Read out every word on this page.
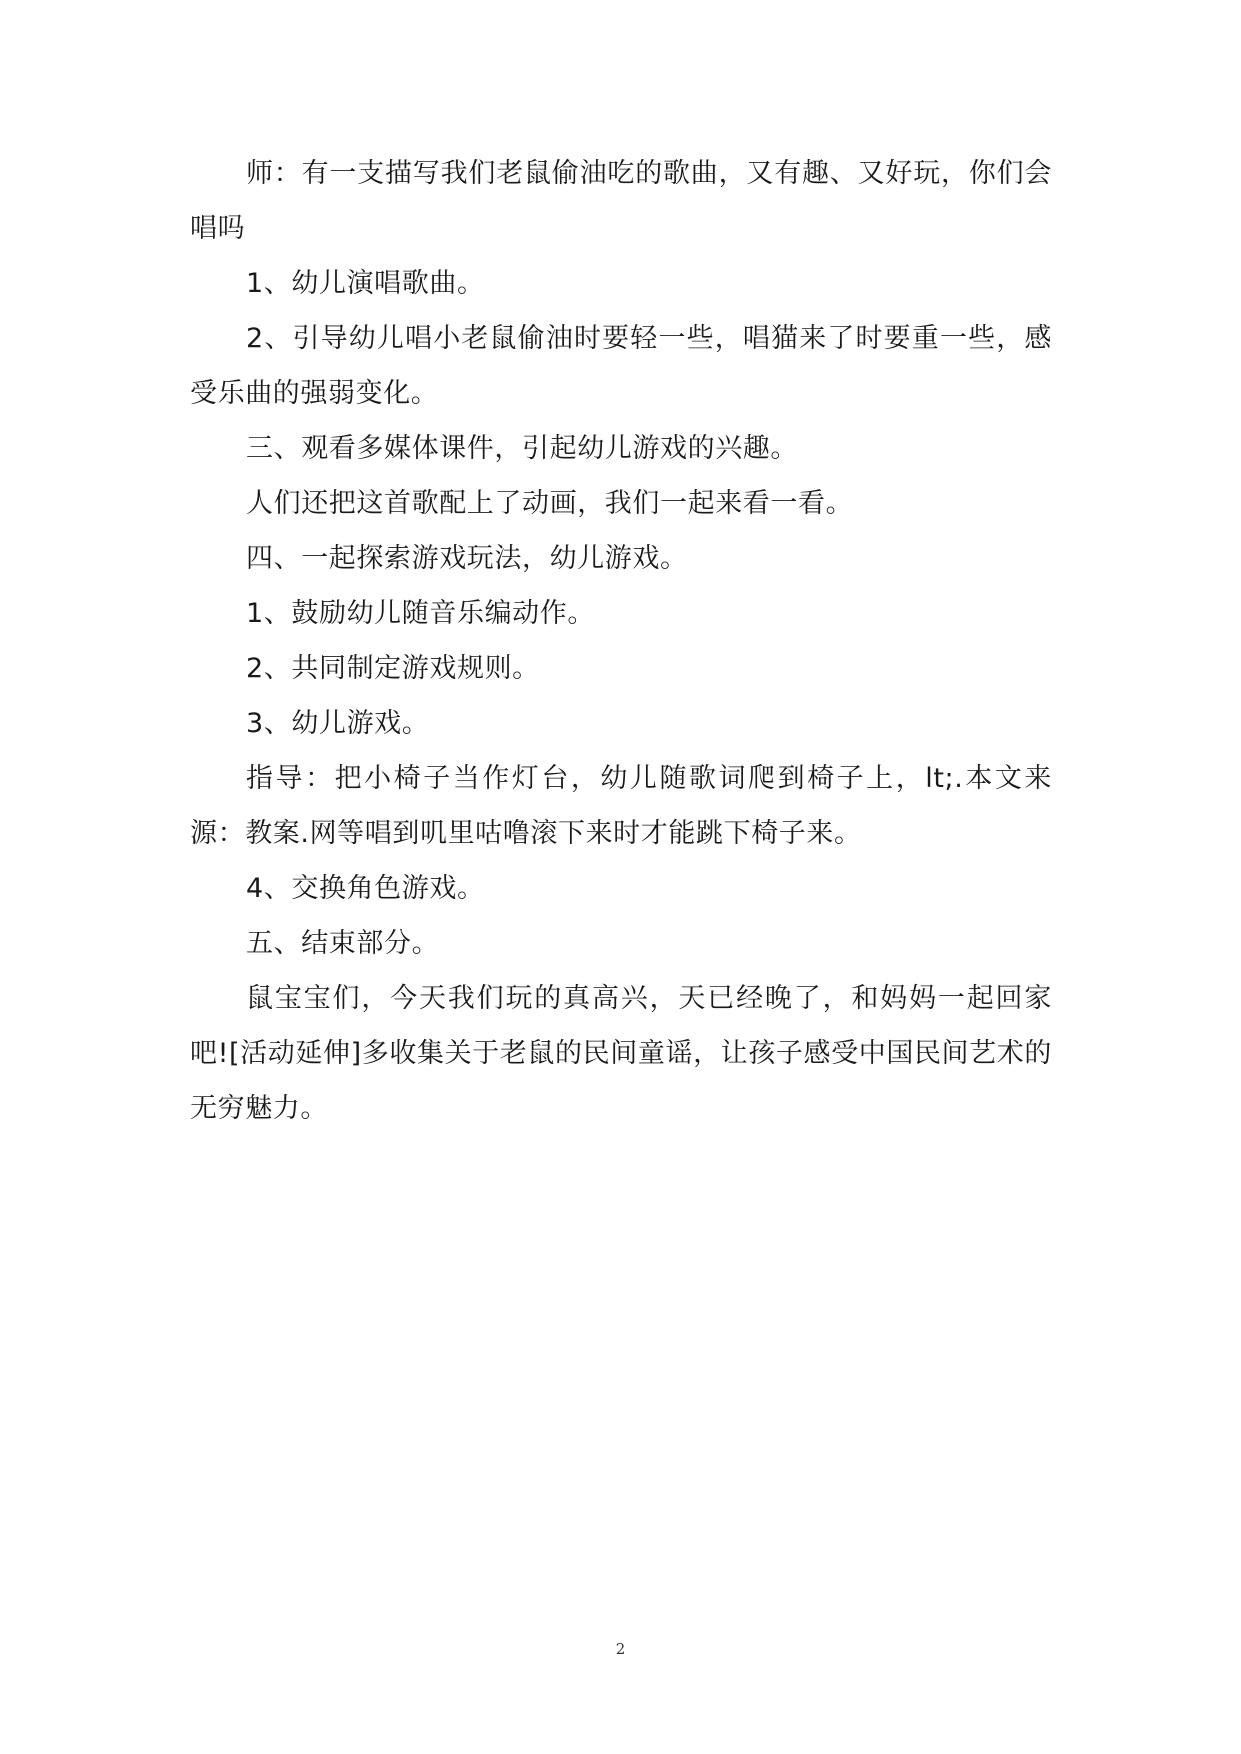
师：有一支描写我们老鼠偷油吃的歌曲，又有趣、又好玩，你们会唱吗

1、幼儿演唱歌曲。

2、引导幼儿唱小老鼠偷油时要轻一些，唱猫来了时要重一些，感受乐曲的强弱变化。

三、观看多媒体课件，引起幼儿游戏的兴趣。

人们还把这首歌配上了动画，我们一起来看一看。

四、一起探索游戏玩法，幼儿游戏。

1、鼓励幼儿随音乐编动作。

2、共同制定游戏规则。

3、幼儿游戏。

指导：把小椅子当作灯台，幼儿随歌词爬到椅子上，lt;.本文来源：教案.网等唱到叽里咕噜滚下来时才能跳下椅子来。

4、交换角色游戏。

五、结束部分。

鼠宝宝们，今天我们玩的真高兴，天已经晚了，和妈妈一起回家吧![活动延伸]多收集关于老鼠的民间童谣，让孩子感受中国民间艺术的无穷魅力。

2
